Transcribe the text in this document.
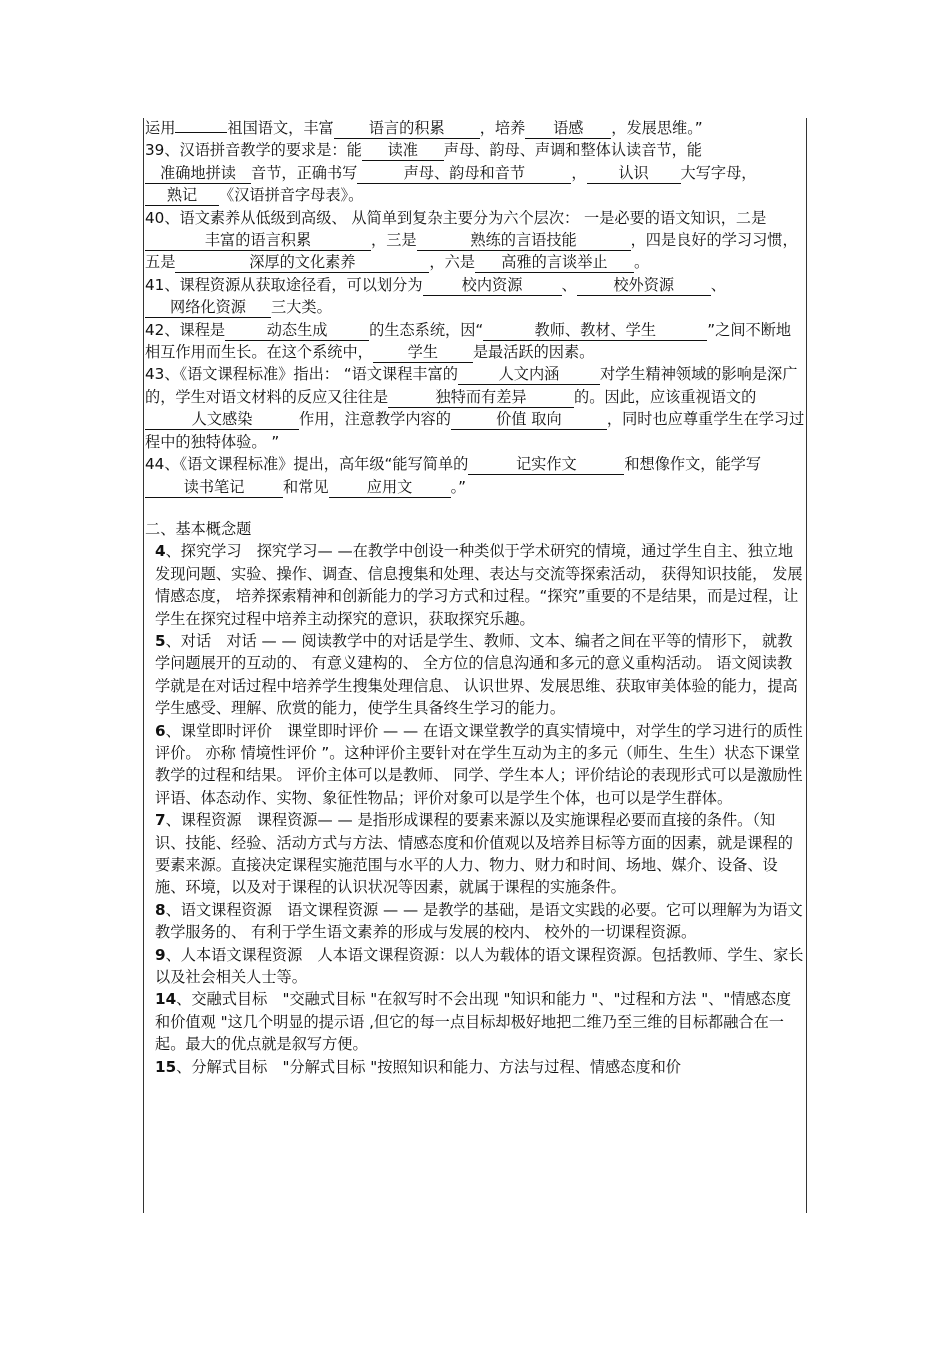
运用	祖国语文，丰富 语言的积累 ，培养 语感 ，发展思维。”
39、汉语拼音教学的要求是：能 读准 声母、韵母、声调和整体认读音节，能准确地拼读 音节，正确书写	声母、韵母和音节	， 认识 大写字母，熟记 《汉语拼音字母表》。
40、语文素养从低级到高级、 从简单到复杂主要分为六个层次： 一是必要的语文知识，二是丰富的语言积累	，三是	熟练的言语技能	，四是良好的学习习惯，五是	深厚的文化素养	，六是 高雅的言谈举止 。
41、课程资源从获取途径看，可以划分为	校内资源	、 校外资源 、网络化资源 三大类。
42、课程是	动态生成	的生态系统，因“	教师、教材、学生	”之间不断地相互作用而生长。在这个系统中， 学生 是最活跃的因素。
43、《语文课程标准》指出： “语文课程丰富的	人文内涵	对学生精神领域的影响是深广的，学生对语文材料的反应又往往是	独特而有差异	的。因此，应该重视语文的人文感染	作用，注意教学内容的	价值 取向	，同时也应尊重学生在学习过程中的独特体验。 ”
44、《语文课程标准》提出，高年级“能写简单的	记实作文	和想像作文，能学写读书笔记	和常见	应用文	。”
二、基本概念题
4、探究学习　探究学习— —在教学中创设一种类似于学术研究的情境，通过学生自主、独立地发现问题、实验、操作、调查、信息搜集和处理、表达与交流等探索活动， 获得知识技能， 发展情感态度， 培养探索精神和创新能力的学习方式和过程。“探究”重要的不是结果，而是过程，让学生在探究过程中培养主动探究的意识，获取探究乐趣。
5、对话　对话 — — 阅读教学中的对话是学生、教师、文本、编者之间在平等的情形下， 就教学问题展开的互动的、 有意义建构的、 全方位的信息沟通和多元的意义重构活动。 语文阅读教学就是在对话过程中培养学生搜集处理信息、 认识世界、发展思维、获取审美体验的能力，提高学生感受、理解、欣赏的能力，使学生具备终生学习的能力。
6、课堂即时评价　课堂即时评价 — — 在语文课堂教学的真实情境中，对学生的学习进行的质性评价。 亦称 情境性评价 ”。这种评价主要针对在学生互动为主的多元（师生、生生）状态下课堂教学的过程和结果。 评价主体可以是教师、 同学、学生本人；评价结论的表现形式可以是激励性评语、体态动作、实物、象征性物品；评价对象可以是学生个体，也可以是学生群体。
7、课程资源　课程资源— — 是指形成课程的要素来源以及实施课程必要而直接的条件。（知识、技能、经验、活动方式与方法、情感态度和价值观以及培养目标等方面的因素，就是课程的要素来源。直接决定课程实施范围与水平的人力、物力、财力和时间、场地、媒介、设备、设施、环境，以及对于课程的认识状况等因素，就属于课程的实施条件。
8、语文课程资源　语文课程资源 — — 是教学的基础，是语文实践的必要。它可以理解为为语文教学服务的、 有利于学生语文素养的形成与发展的校内、 校外的一切课程资源。
9、人本语文课程资源　人本语文课程资源：以人为载体的语文课程资源。包括教师、学生、家长以及社会相关人士等。
14、交融式目标　"交融式目标 "在叙写时不会出现 "知识和能力 "、"过程和方法 "、"情感态度和价值观 "这几个明显的提示语 ,但它的每一点目标却极好地把二维乃至三维的目标都融合在一起。最大的优点就是叙写方便。
15、分解式目标　"分解式目标 "按照知识和能力、方法与过程、情感态度和价
